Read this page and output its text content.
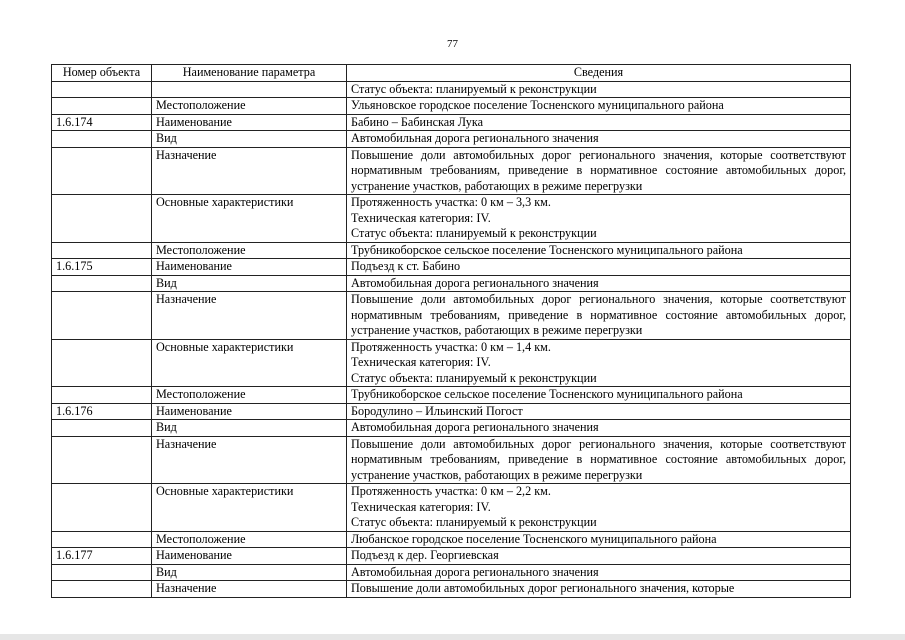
77
Номер объекта	Наименование параметра	Сведения
		Статус объекта: планируемый к реконструкции
	Местоположение	Ульяновское городское поселение Тосненского муниципального района
1.6.174	Наименование	Бабино – Бабинская Лука
	Вид	Автомобильная дорога регионального значения
	Назначение	Повышение доли автомобильных дорог регионального значения, которые соответствуют нормативным требованиям, приведение в нормативное состояние автомобильных дорог, устранение участков, работающих в режиме перегрузки
	Основные характеристики	Протяженность участка: 0 км – 3,3 км.
Техническая категория: IV.
Статус объекта: планируемый к реконструкции

	Местоположение	Трубникоборское сельское поселение Тосненского муниципального района
1.6.175	Наименование	Подъезд к ст. Бабино
	Вид	Автомобильная дорога регионального значения
	Назначение	Повышение доли автомобильных дорог регионального значения, которые соответствуют нормативным требованиям, приведение в нормативное состояние автомобильных дорог, устранение участков, работающих в режиме перегрузки
	Основные характеристики	Протяженность участка: 0 км – 1,4 км.
Техническая категория: IV.
Статус объекта: планируемый к реконструкции

	Местоположение	Трубникоборское сельское поселение Тосненского муниципального района
1.6.176	Наименование	Бородулино – Ильинский Погост
	Вид	Автомобильная дорога регионального значения
	Назначение	Повышение доли автомобильных дорог регионального значения, которые соответствуют нормативным требованиям, приведение в нормативное состояние автомобильных дорог, устранение участков, работающих в режиме перегрузки
	Основные характеристики	Протяженность участка: 0 км – 2,2 км.
Техническая категория: IV.
Статус объекта: планируемый к реконструкции

	Местоположение	Любанское городское поселение Тосненского муниципального района
1.6.177	Наименование	Подъезд к дер. Георгиевская
	Вид	Автомобильная дорога регионального значения
	Назначение	Повышение доли автомобильных дорог регионального значения, которые
